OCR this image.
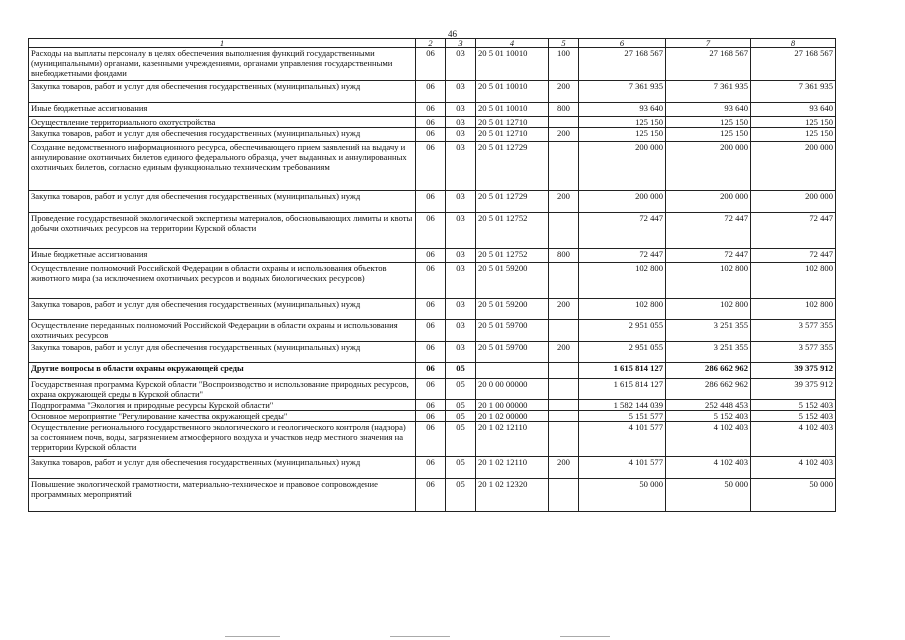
46
1	2	3	4	5	6	7	8
Расходы на выплаты персоналу в целях обеспечения выполнения функций государственными (муниципальными) органами, казенными учреждениями, органами управления государственными внебюджетными фондами	06	03	20 5 01 10010	100	27 168 567	27 168 567	27 168 567
Закупка товаров, работ и услуг для обеспечения государственных (муниципальных) нужд	06	03	20 5 01 10010	200	7 361 935	7 361 935	7 361 935
Иные бюджетные ассигнования	06	03	20 5 01 10010	800	93 640	93 640	93 640
Осуществление территориального охотустройства	06	03	20 5 01 12710		125 150	125 150	125 150
Закупка товаров, работ и услуг для обеспечения государственных (муниципальных) нужд	06	03	20 5 01 12710	200	125 150	125 150	125 150
Создание ведомственного информационного ресурса, обеспечивающего прием заявлений на выдачу и аннулирование охотничьих билетов единого федерального образца, учет выданных и аннулированных охотничьих билетов, согласно единым функционально техническим требованиям	06	03	20 5 01 12729		200 000	200 000	200 000
Закупка товаров, работ и услуг для обеспечения государственных (муниципальных) нужд	06	03	20 5 01 12729	200	200 000	200 000	200 000
Проведение государственной экологической экспертизы материалов, обосновывающих лимиты и квоты добычи охотничьих ресурсов на территории Курской области	06	03	20 5 01 12752		72 447	72 447	72 447
Иные бюджетные ассигнования	06	03	20 5 01 12752	800	72 447	72 447	72 447
Осуществление полномочий Российской Федерации в области охраны и использования объектов животного мира (за исключением охотничьих ресурсов и водных биологических ресурсов)	06	03	20 5 01 59200		102 800	102 800	102 800
Закупка товаров, работ и услуг для обеспечения государственных (муниципальных) нужд	06	03	20 5 01 59200	200	102 800	102 800	102 800
Осуществление переданных полномочий Российской Федерации в области охраны и использования охотничьих ресурсов	06	03	20 5 01 59700		2 951 055	3 251 355	3 577 355
Закупка товаров, работ и услуг для обеспечения государственных (муниципальных) нужд	06	03	20 5 01 59700	200	2 951 055	3 251 355	3 577 355
Другие вопросы в области охраны окружающей среды	06	05			1 615 814 127	286 662 962	39 375 912
Государственная программа Курской области "Воспроизводство и использование природных ресурсов, охрана окружающей среды в Курской области"	06	05	20 0 00 00000		1 615 814 127	286 662 962	39 375 912
Подпрограмма "Экология и природные ресурсы Курской области"	06	05	20 1 00 00000		1 582 144 039	252 448 453	5 152 403
Основное мероприятие "Регулирование качества окружающей среды"	06	05	20 1 02 00000		5 151 577	5 152 403	5 152 403
Осуществление регионального государственного экологического и геологического контроля (надзора) за состоянием почв, воды, загрязнением атмосферного воздуха и участков недр местного значения на территории Курской области	06	05	20 1 02 12110		4 101 577	4 102 403	4 102 403
Закупка товаров, работ и услуг для обеспечения государственных (муниципальных) нужд	06	05	20 1 02 12110	200	4 101 577	4 102 403	4 102 403
Повышение экологической грамотности, материально-техническое и правовое сопровождение программных мероприятий	06	05	20 1 02 12320		50 000	50 000	50 000
